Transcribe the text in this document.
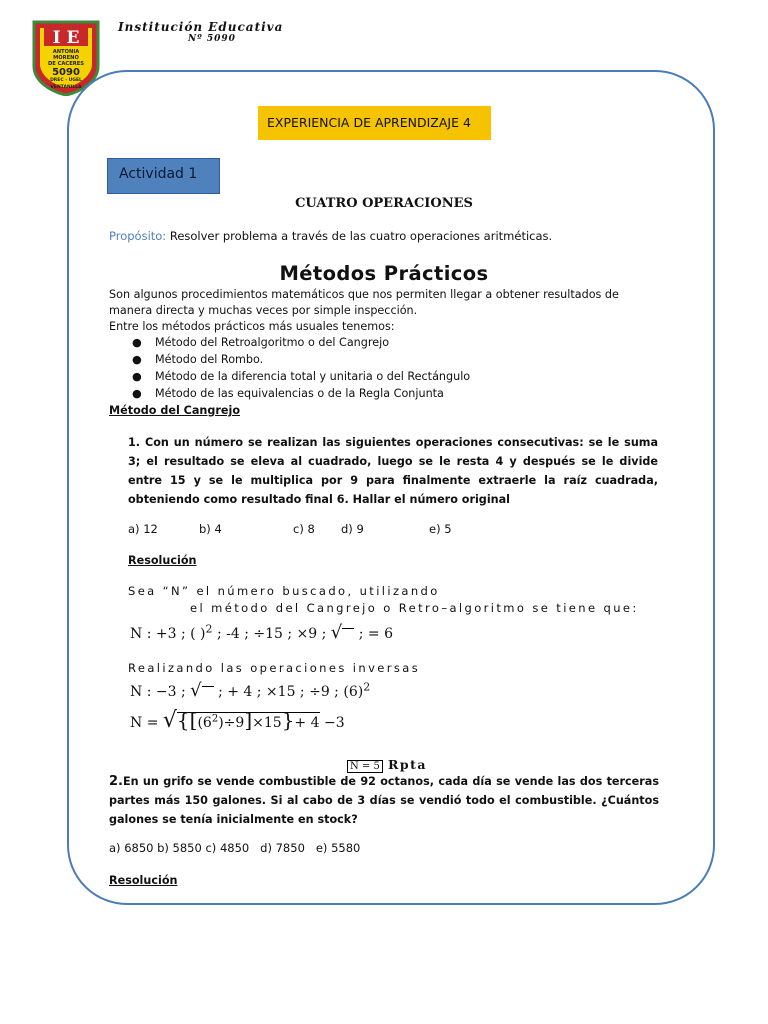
I E
ANTONIA
MORENO
DE CACERES
5090
DREC - UGEL
VENTANILLA
Institución Educativa
Nº 5090
EXPERIENCIA DE APRENDIZAJE 4
Actividad 1
CUATRO OPERACIONES
Propósito: Resolver problema a través de las cuatro operaciones aritméticas.
Métodos Prácticos
Son algunos procedimientos matemáticos que nos permiten llegar a obtener resultados de
manera directa y muchas veces por simple inspección.
Entre los métodos prácticos más usuales tenemos:
● Método del Retroalgoritmo o del Cangrejo
● Método del Rombo.
● Método de la diferencia total y unitaria o del Rectángulo
● Método de las equivalencias o de la Regla Conjunta
Método del Cangrejo
1. Con un número se realizan las siguientes operaciones consecutivas: se le suma 3; el resultado se eleva al cuadrado, luego se le resta 4 y después se le divide entre 15 y se le multiplica por 9 para finalmente extraerle la raíz cuadrada, obteniendo como resultado final 6. Hallar el número original
a) 12	b) 4	c) 8 d) 9	e) 5
Resolución
Sea “N” el número buscado, utilizando
el método del Cangrejo o Retro–algoritmo se tiene que:
N : +3 ; ( )$^2$ ; -4 ; ÷15 ; ×9 ; √ ; = 6
Realizando las operaciones inversas
N : −3 ; √ ; + 4 ; ×15 ; ÷9 ; $(6)^2$
$N = √\{[(6^2)\div 9]\times 15\}+ 4 -3$
N = 5 Rpta
2.En un grifo se vende combustible de 92 octanos, cada día se vende las dos terceras partes más 150 galones. Si al cabo de 3 días se vendió todo el combustible. ¿Cuántos galones se tenía inicialmente en stock?
a) 6850 b) 5850 c) 4850   d) 7850   e) 5580
Resolución
